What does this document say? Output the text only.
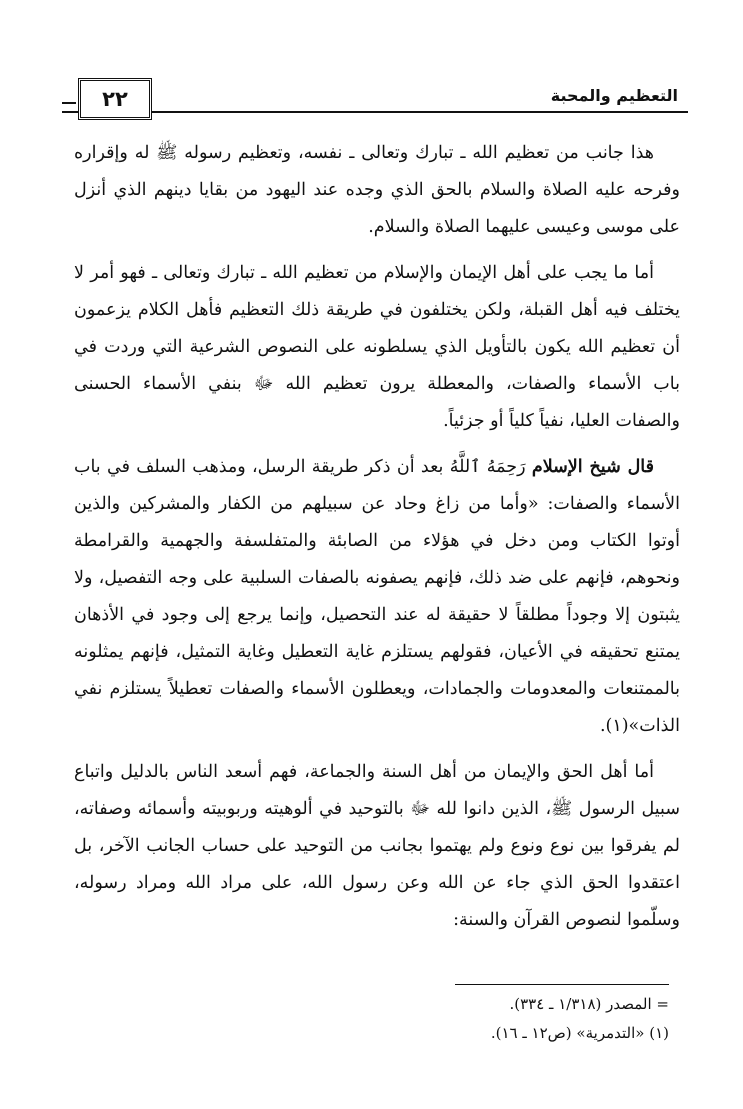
٢٢	التعظيم والمحبة

هذا جانب من تعظيم الله ـ تبارك وتعالى ـ نفسه، وتعظيم رسوله ﷺ له وإقراره وفرحه عليه الصلاة والسلام بالحق الذي وجده عند اليهود من بقايا دينهم الذي أنزل على موسى وعيسى عليهما الصلاة والسلام.

أما ما يجب على أهل الإيمان والإسلام من تعظيم الله ـ تبارك وتعالى ـ فهو أمر لا يختلف فيه أهل القبلة، ولكن يختلفون في طريقة ذلك التعظيم فأهل الكلام يزعمون أن تعظيم الله يكون بالتأويل الذي يسلطونه على النصوص الشرعية التي وردت في باب الأسماء والصفات، والمعطلة يرون تعظيم الله ﷻ بنفي الأسماء الحسنى والصفات العليا، نفياً كلياً أو جزئياً.

قال شيخ الإسلام رَحِمَهُ ٱللَّهُ بعد أن ذكر طريقة الرسل، ومذهب السلف في باب الأسماء والصفات: «وأما من زاغ وحاد عن سبيلهم من الكفار والمشركين والذين أوتوا الكتاب ومن دخل في هؤلاء من الصابئة والمتفلسفة والجهمية والقرامطة ونحوهم، فإنهم على ضد ذلك، فإنهم يصفونه بالصفات السلبية على وجه التفصيل، ولا يثبتون إلا وجوداً مطلقاً لا حقيقة له عند التحصيل، وإنما يرجع إلى وجود في الأذهان يمتنع تحقيقه في الأعيان، فقولهم يستلزم غاية التعطيل وغاية التمثيل، فإنهم يمثلونه بالممتنعات والمعدومات والجمادات، ويعطلون الأسماء والصفات تعطيلاً يستلزم نفي الذات»(١).

أما أهل الحق والإيمان من أهل السنة والجماعة، فهم أسعد الناس بالدليل واتباع سبيل الرسول ﷺ، الذين دانوا لله ﷻ بالتوحيد في ألوهيته وربوبيته وأسمائه وصفاته، لم يفرقوا بين نوع ونوع ولم يهتموا بجانب من التوحيد على حساب الجانب الآخر، بل اعتقدوا الحق الذي جاء عن الله وعن رسول الله، على مراد الله ومراد رسوله، وسلّموا لنصوص القرآن والسنة:

= المصدر (١/٣١٨ ـ ٣٣٤).
(١) «التدمرية» (ص١٢ ـ ١٦).
